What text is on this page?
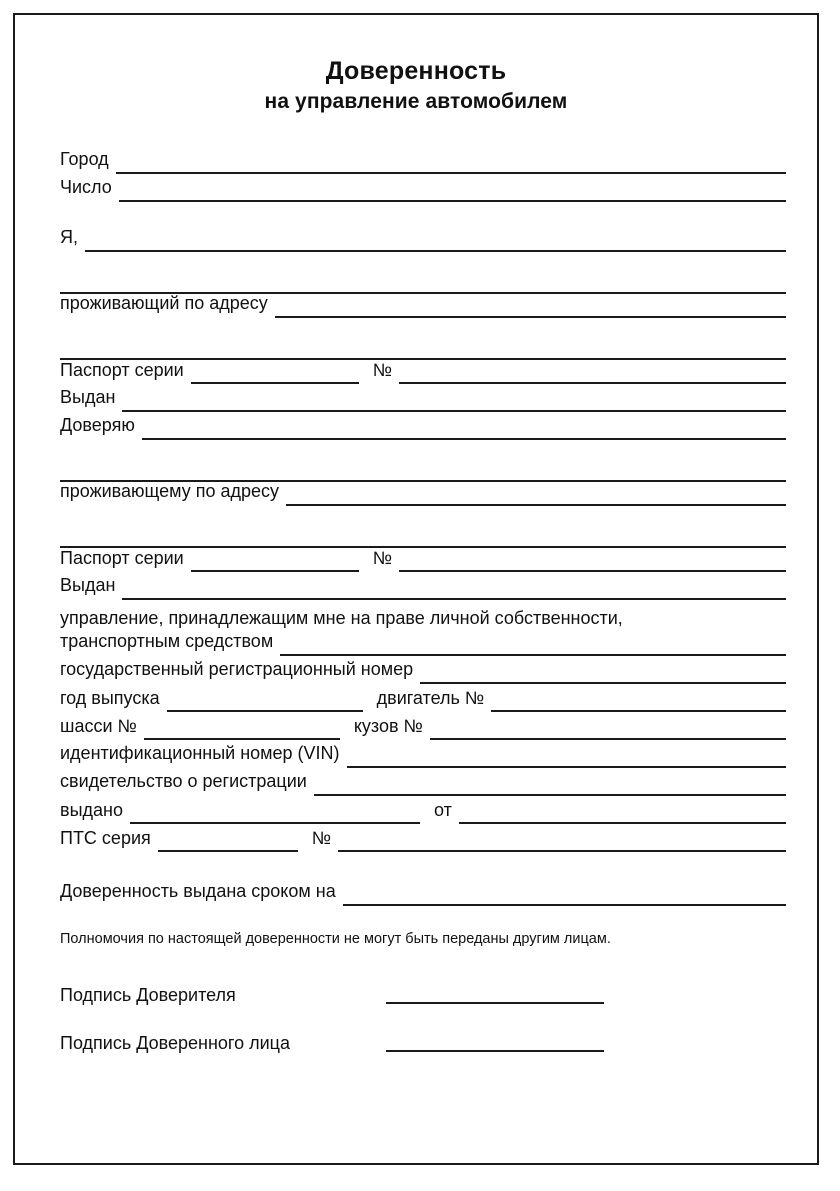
Доверенность
на управление автомобилем
Город
Число
Я,
проживающий по адресу
Паспорт серии	№
Выдан
Доверяю
проживающему по адресу
Паспорт серии	№
Выдан
управление, принадлежащим мне на праве личной собственности,
транспортным средством
государственный регистрационный номер
год выпуска	двигатель №
шасси №	кузов №
идентификационный номер (VIN)
свидетельство о регистрации
выдано	от
ПТС серия	№
Доверенность выдана сроком на
Полномочия по настоящей доверенности не могут быть переданы другим лицам.
Подпись Доверителя
Подпись Доверенного лица
